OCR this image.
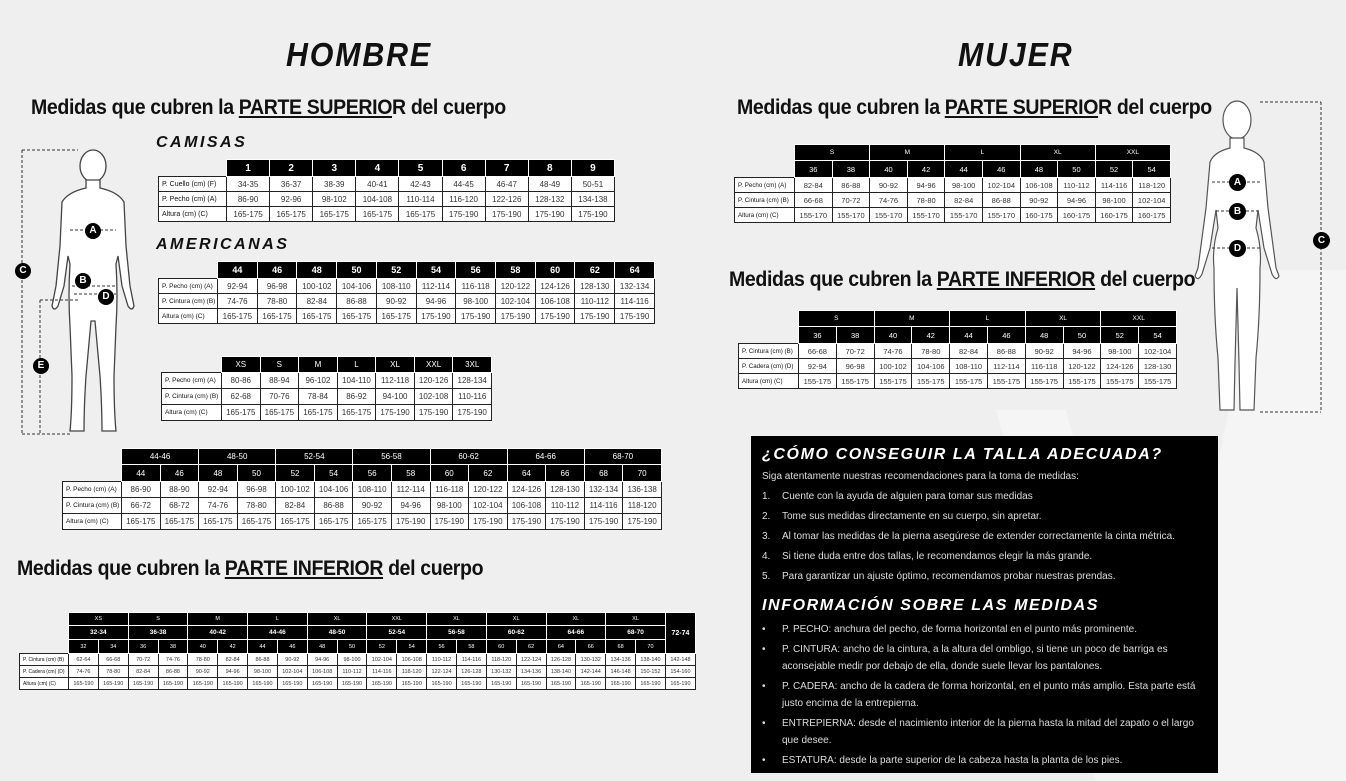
HOMBRE	MUJER
Medidas que cubren la PARTE SUPERIOR del cuerpo
CAMISAS
AMERICANAS
A
B
C
D
E
	1	2	3	4	5	6	7	8	9
P. Cuello (cm) (F)	34-35	36-37	38-39	40-41	42-43	44-45	46-47	48-49	50-51
P. Pecho (cm) (A)	86-90	92-96	98-102	104-108	110-114	116-120	122-126	128-132	134-138
Altura (cm) (C)	165-175	165-175	165-175	165-175	165-175	175-190	175-190	175-190	175-190
	44	46	48	50	52	54	56	58	60	62	64
P. Pecho (cm) (A)	92-94	96-98	100-102	104-106	108-110	112-114	116-118	120-122	124-126	128-130	132-134
P. Cintura (cm) (B)	74-76	78-80	82-84	86-88	90-92	94-96	98-100	102-104	106-108	110-112	114-116
Altura (cm) (C)	165-175	165-175	165-175	165-175	165-175	175-190	175-190	175-190	175-190	175-190	175-190
	XS	S	M	L	XL	XXL	3XL
P. Pecho (cm) (A)	80-86	88-94	96-102	104-110	112-118	120-126	128-134
P. Cintura (cm) (B)	62-68	70-76	78-84	86-92	94-100	102-108	110-116
Altura (cm) (C)	165-175	165-175	165-175	165-175	175-190	175-190	175-190
	44-46		48-50		52-54		56-58		60-62		64-66		68-70	
	44	46	48	50	52	54	56	58	60	62	64	66	68	70
P. Pecho (cm) (A)	86-90	88-90	92-94	96-98	100-102	104-106	108-110	112-114	116-118	120-122	124-126	128-130	132-134	136-138
P. Cintura (cm) (B)	66-72	68-72	74-76	78-80	82-84	86-88	90-92	94-96	98-100	102-104	106-108	110-112	114-116	118-120
Altura (cm) (C)	165-175	165-175	165-175	165-175	165-175	165-175	165-175	175-190	175-190	175-190	175-190	175-190	175-190	175-190
Medidas que cubren la PARTE INFERIOR del cuerpo
	XS		S		M		L		XL		XXL		XL		XL		XL		XL		72-74
	32-34		36-38		40-42		44-46		48-50		52-54		56-58		60-62		64-66		68-70		
	32	34	36	38	40	42	44	46	48	50	52	54	56	58	60	62	64	66	68	70	
P. Cintura (cm) (B)	62-64	66-68	70-72	74-76	78-80	82-84	86-88	90-92	94-96	98-100	102-104	106-108	110-112	114-116	118-120	122-124	126-128	130-132	134-136	138-140	142-148
P. Cadera (cm) (D)	74-76	78-80	82-84	86-88	90-92	94-96	98-100	102-104	106-108	110-112	114-116	118-120	122-124	126-128	130-132	134-136	138-140	142-144	146-148	150-152	154-160
Altura (cm) (C)	165-190	165-190	165-190	165-190	165-190	165-190	165-190	165-190	165-190	165-190	165-190	165-190	165-190	165-190	165-190	165-190	165-190	165-190	165-190	165-190	165-190
Medidas que cubren la PARTE SUPERIOR del cuerpo
	S		M		L		XL		XXL	
	36	38	40	42	44	46	48	50	52	54
P. Pecho (cm) (A)	82-84	86-88	90-92	94-96	98-100	102-104	106-108	110-112	114-116	118-120
P. Cintura (cm) (B)	66-68	70-72	74-76	78-80	82-84	86-88	90-92	94-96	98-100	102-104
Altura (cm) (C)	155-170	155-170	155-170	155-170	155-170	155-170	160-175	160-175	160-175	160-175
Medidas que cubren la PARTE INFERIOR del cuerpo
	S		M		L		XL		XXL	
	36	38	40	42	44	46	48	50	52	54
P. Cintura (cm) (B)	66-68	70-72	74-76	78-80	82-84	86-88	90-92	94-96	98-100	102-104
P. Cadera (cm) (D)	92-94	96-98	100-102	104-106	108-110	112-114	116-118	120-122	124-126	128-130
Altura (cm) (C)	155-175	155-175	155-175	155-175	155-175	155-175	155-175	155-175	155-175	155-175
A
B
D
C
¿CÓMO CONSEGUIR LA TALLA ADECUADA?
Siga atentamente nuestras recomendaciones para la toma de medidas:
1.	Cuente con la ayuda de alguien para tomar sus medidas
2.	Tome sus medidas directamente en su cuerpo, sin apretar.
3.	Al tomar las medidas de la pierna asegúrese de extender correctamente la cinta métrica.
4.	Si tiene duda entre dos tallas, le recomendamos elegir la más grande.
5.	Para garantizar un ajuste óptimo, recomendamos probar nuestras prendas.
INFORMACIÓN SOBRE LAS MEDIDAS
•	P. PECHO: anchura del pecho, de forma horizontal en el punto más prominente.
•	P. CINTURA: ancho de la cintura, a la altura del ombligo, si tiene un poco de barriga es aconsejable medir por debajo de ella, donde suele llevar los pantalones.
•	P. CADERA: ancho de la cadera de forma horizontal, en el punto más amplio. Esta parte está justo encima de la entrepierna.
•	ENTREPIERNA: desde el nacimiento interior de la pierna hasta la mitad del zapato o el largo que desee.
•	ESTATURA: desde la parte superior de la cabeza hasta la planta de los pies.
